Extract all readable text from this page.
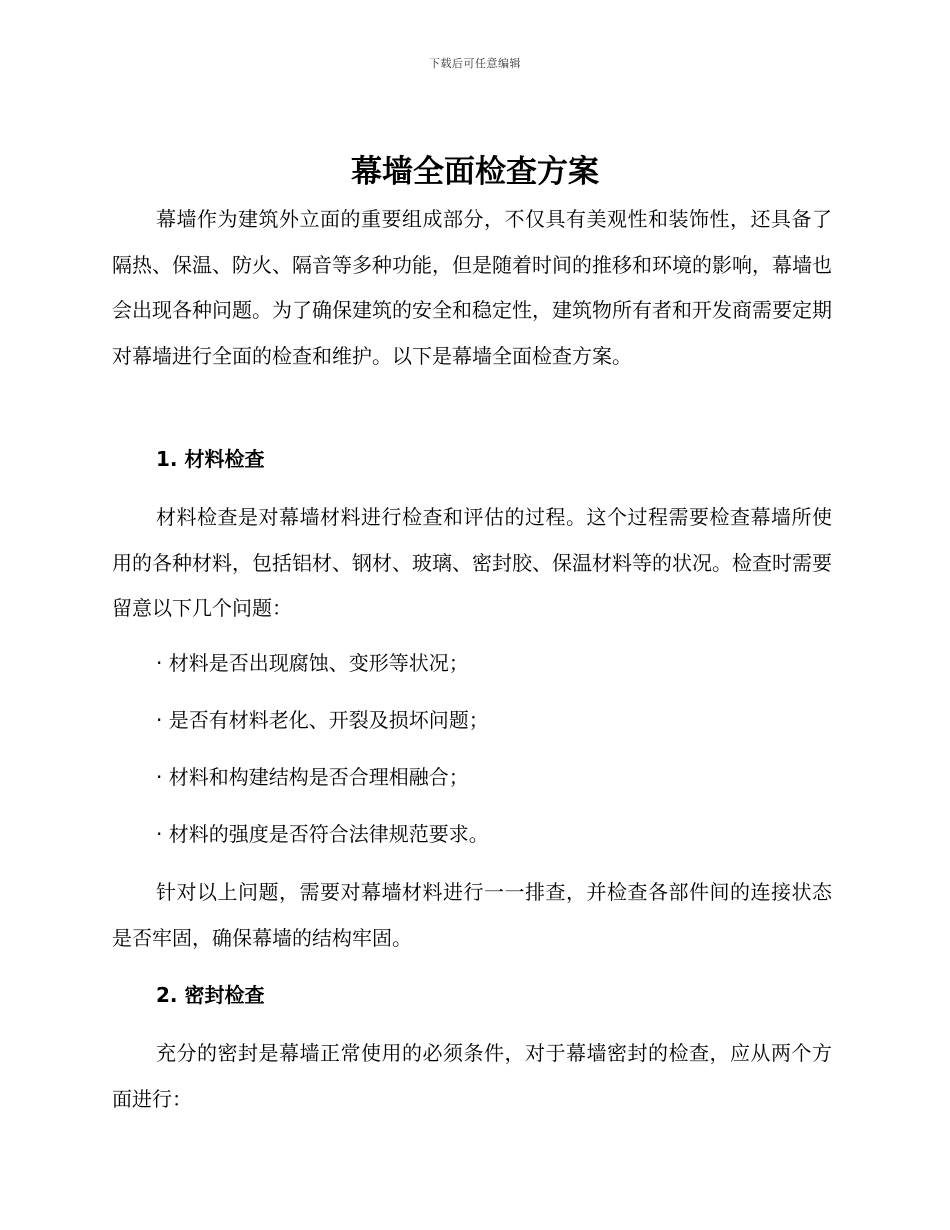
下载后可任意编辑
幕墙全面检查方案

幕墙作为建筑外立面的重要组成部分，不仅具有美观性和装饰性，还具备了隔热、保温、防火、隔音等多种功能，但是随着时间的推移和环境的影响，幕墙也会出现各种问题。为了确保建筑的安全和稳定性，建筑物所有者和开发商需要定期对幕墙进行全面的检查和维护。以下是幕墙全面检查方案。

1. 材料检查

材料检查是对幕墙材料进行检查和评估的过程。这个过程需要检查幕墙所使用的各种材料，包括铝材、钢材、玻璃、密封胶、保温材料等的状况。检查时需要留意以下几个问题：

· 材料是否出现腐蚀、变形等状况；

· 是否有材料老化、开裂及损坏问题；

· 材料和构建结构是否合理相融合；

· 材料的强度是否符合法律规范要求。

针对以上问题，需要对幕墙材料进行一一排查，并检查各部件间的连接状态是否牢固，确保幕墙的结构牢固。

2. 密封检查

充分的密封是幕墙正常使用的必须条件，对于幕墙密封的检查，应从两个方面进行：
